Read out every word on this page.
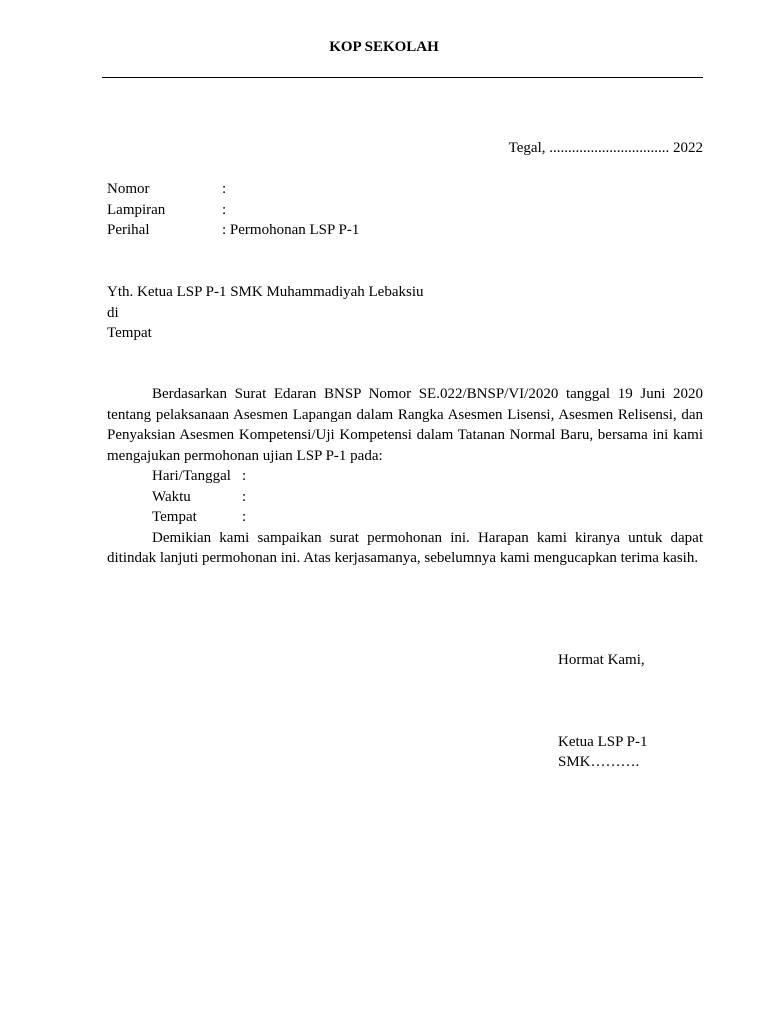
KOP SEKOLAH
Tegal, ................................ 2022
Nomor	:
Lampiran	:
Perihal	: Permohonan LSP P-1
Yth. Ketua LSP P-1 SMK Muhammadiyah Lebaksiu
di
Tempat

Berdasarkan Surat Edaran BNSP Nomor SE.022/BNSP/VI/2020 tanggal 19 Juni 2020 tentang pelaksanaan Asesmen Lapangan dalam Rangka Asesmen Lisensi, Asesmen Relisensi, dan Penyaksian Asesmen Kompetensi/Uji Kompetensi dalam Tatanan Normal Baru, bersama ini kami mengajukan permohonan ujian LSP P-1 pada:

Hari/Tanggal :
Waktu	:
Tempat	:

Demikian kami sampaikan surat permohonan ini. Harapan kami kiranya untuk dapat ditindak lanjuti permohonan ini. Atas kerjasamanya, sebelumnya kami mengucapkan terima kasih.

Hormat Kami,
Ketua LSP P-1
SMK……….
